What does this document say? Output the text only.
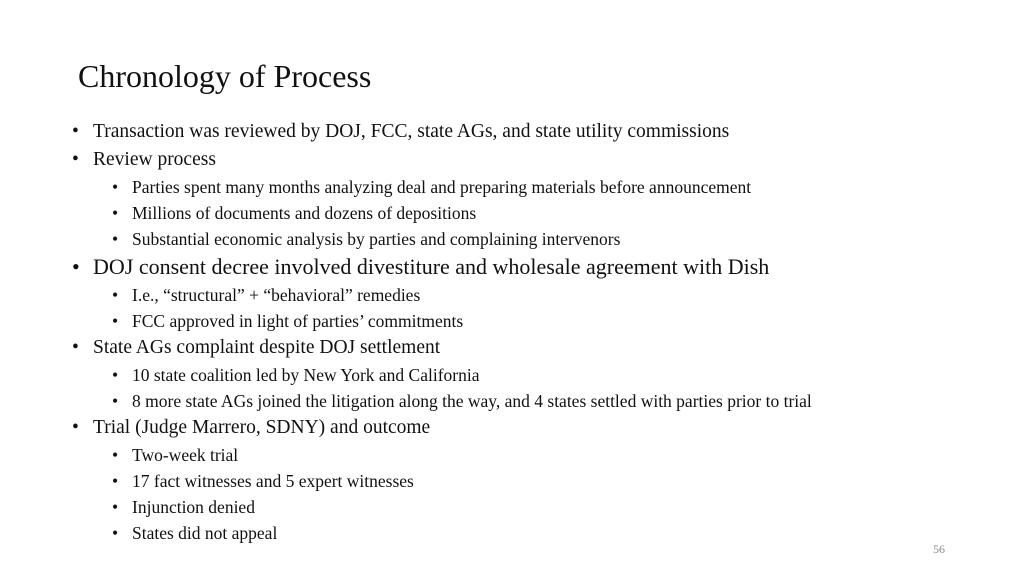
Chronology of Process
• Transaction was reviewed by DOJ, FCC, state AGs, and state utility commissions
• Review process
• Parties spent many months analyzing deal and preparing materials before announcement
• Millions of documents and dozens of depositions
• Substantial economic analysis by parties and complaining intervenors
• DOJ consent decree involved divestiture and wholesale agreement with Dish
• I.e., “structural” + “behavioral” remedies
• FCC approved in light of parties’ commitments
• State AGs complaint despite DOJ settlement
• 10 state coalition led by New York and California
• 8 more state AGs joined the litigation along the way, and 4 states settled with parties prior to trial
• Trial (Judge Marrero, SDNY) and outcome
• Two-week trial
• 17 fact witnesses and 5 expert witnesses
• Injunction denied
• States did not appeal
56
